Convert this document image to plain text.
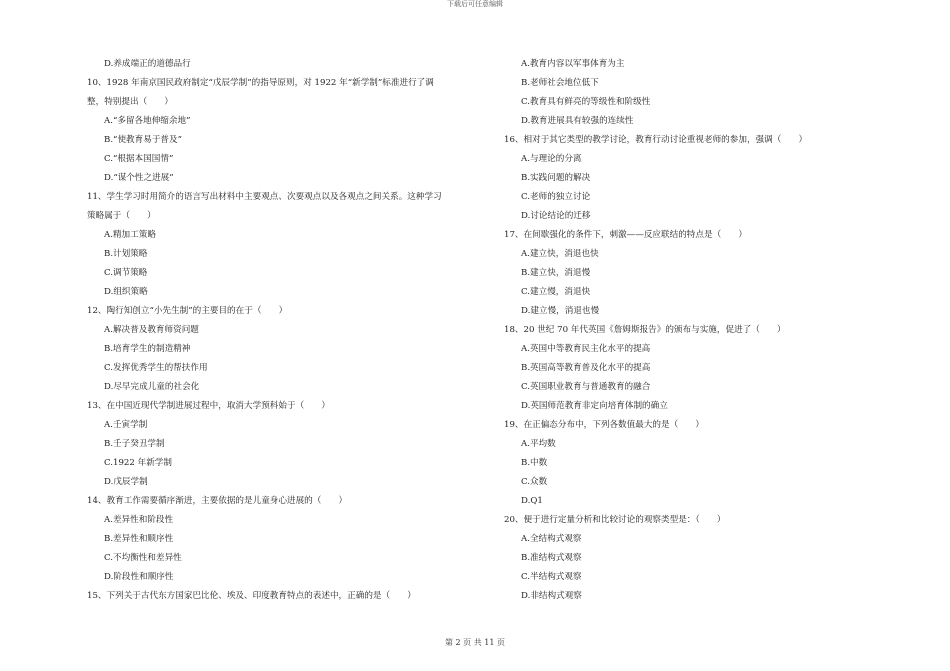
下载后可任意编辑
D.养成端正的道德品行
10、1928 年南京国民政府制定“戊辰学制”的指导原则，对 1922 年“新学制”标准进行了调
整，特别提出（　　）
A.“多留各地伸缩余地”
B.“使教育易于普及”
C.“根据本国国情”
D.“谋个性之进展”
11、学生学习时用简介的语言写出材料中主要观点、次要观点以及各观点之间关系。这种学习
策略属于（　　）
A.精加工策略
B.计划策略
C.调节策略
D.组织策略
12、陶行知创立“小先生制”的主要目的在于（　　）
A.解决普及教育师资问题
B.培育学生的制造精神
C.发挥优秀学生的帮扶作用
D.尽早完成儿童的社会化
13、在中国近现代学制进展过程中，取消大学预科始于（　　）
A.壬寅学制
B.壬子癸丑学制
C.1922 年新学制
D.戊辰学制
14、教育工作需要循序渐进，主要依据的是儿童身心进展的（　　）
A.差异性和阶段性
B.差异性和顺序性
C.不均衡性和差异性
D.阶段性和顺序性
15、下列关于古代东方国家巴比伦、埃及、印度教育特点的表述中，正确的是（　　）
A.教育内容以军事体育为主
B.老师社会地位低下
C.教育具有鲜亮的等级性和阶级性
D.教育进展具有较强的连续性
16、相对于其它类型的教学讨论，教育行动讨论重视老师的参加，强调（　　）
A.与理论的分离
B.实践问题的解决
C.老师的独立讨论
D.讨论结论的迁移
17、在间歇强化的条件下，刺激——反应联结的特点是（　　）
A.建立快，消退也快
B.建立快，消退慢
C.建立慢，消退快
D.建立慢，消退也慢
18、20 世纪 70 年代英国《詹姆斯报告》的颁布与实施，促进了（　　）
A.英国中等教育民主化水平的提高
B.英国高等教育普及化水平的提高
C.英国职业教育与普通教育的融合
D.英国师范教育非定向培育体制的确立
19、在正偏态分布中，下列各数值最大的是（　　）
A.平均数
B.中数
C.众数
D.Q1
20、便于进行定量分析和比较讨论的观察类型是：（　　）
A.全结构式观察
B.准结构式观察
C.半结构式观察
D.非结构式观察
第 2 页 共 11 页
